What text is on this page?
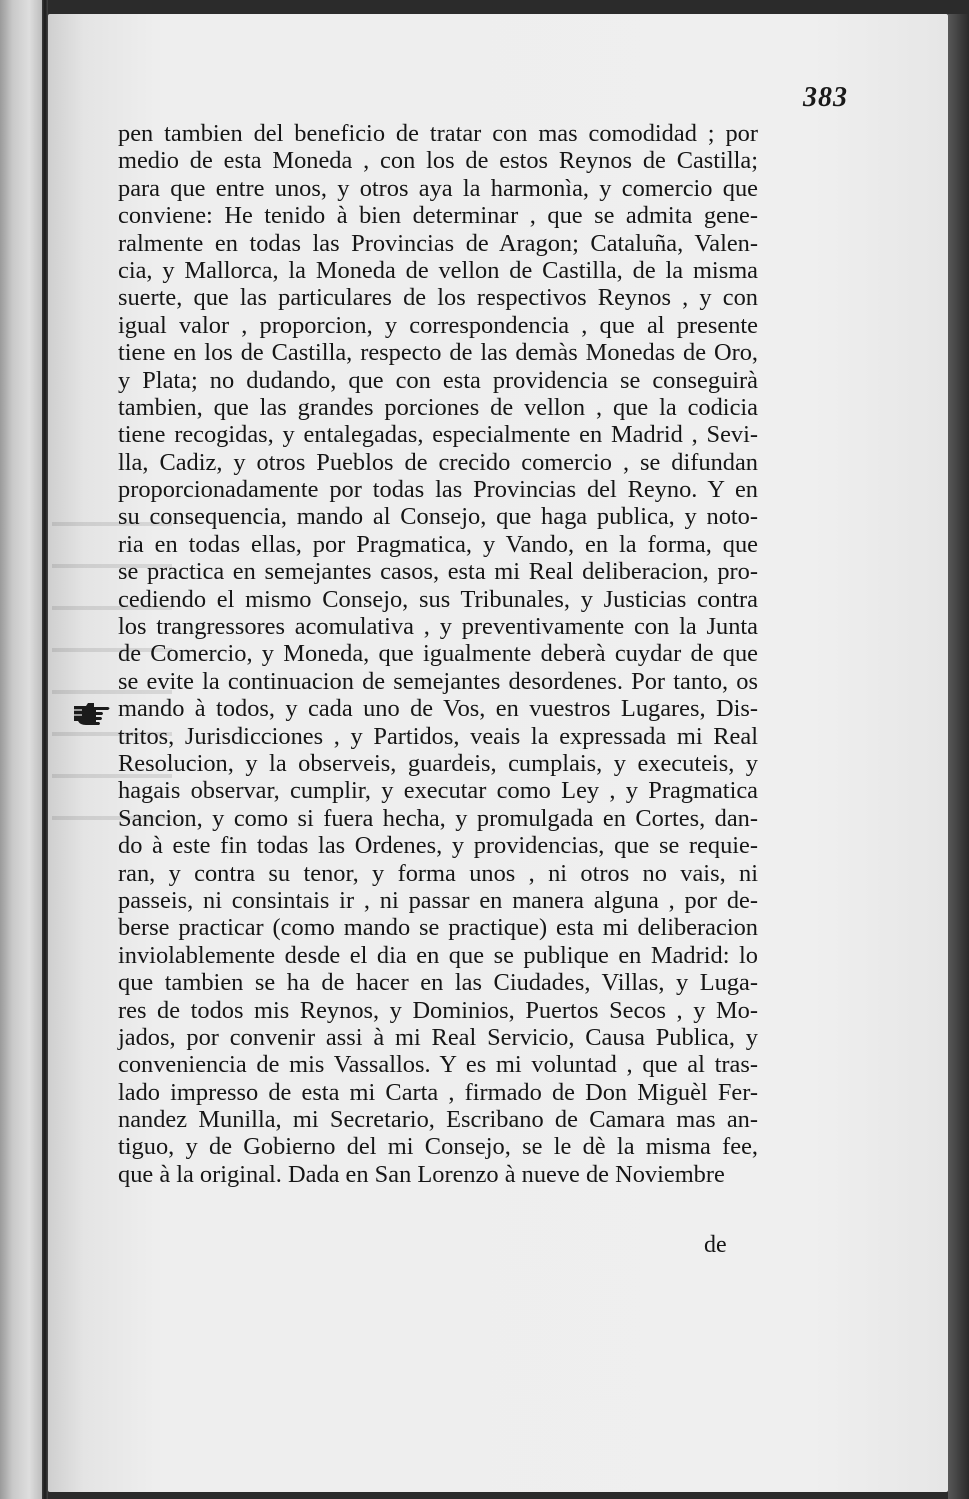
383
pen tambien del beneficio de tratar con mas comodidad ; por
medio de esta Moneda , con los de estos Reynos de Castilla;
para que entre unos, y otros aya la harmonìa, y comercio que
conviene: He tenido à bien determinar , que se admita gene-
ralmente en todas las Provincias de Aragon; Cataluña, Valen-
cia, y Mallorca, la Moneda de vellon de Castilla, de la misma
suerte, que las particulares de los respectivos Reynos , y con
igual valor , proporcion, y correspondencia , que al presente
tiene en los de Castilla, respecto de las demàs Monedas de Oro,
y Plata; no dudando, que con esta providencia se conseguirà
tambien, que las grandes porciones de vellon , que la codicia
tiene recogidas, y entalegadas, especialmente en Madrid , Sevi-
lla, Cadiz, y otros Pueblos de crecido comercio , se difundan
proporcionadamente por todas las Provincias del Reyno. Y en
su consequencia, mando al Consejo, que haga publica, y noto-
ria en todas ellas, por Pragmatica, y Vando, en la forma, que
se practica en semejantes casos, esta mi Real deliberacion, pro-
cediendo el mismo Consejo, sus Tribunales, y Justicias contra
los trangressores acomulativa , y preventivamente con la Junta
de Comercio, y Moneda, que igualmente deberà cuydar de que
se evite la continuacion de semejantes desordenes. Por tanto, os
mando à todos, y cada uno de Vos, en vuestros Lugares, Dis-
tritos, Jurisdicciones , y Partidos, veais la expressada mi Real
Resolucion, y la observeis, guardeis, cumplais, y executeis, y
hagais observar, cumplir, y executar como Ley , y Pragmatica
Sancion, y como si fuera hecha, y promulgada en Cortes, dan-
do à este fin todas las Ordenes, y providencias, que se requie-
ran, y contra su tenor, y forma unos , ni otros no vais, ni
passeis, ni consintais ir , ni passar en manera alguna , por de-
berse practicar (como mando se practique) esta mi deliberacion
inviolablemente desde el dia en que se publique en Madrid: lo
que tambien se ha de hacer en las Ciudades, Villas, y Luga-
res de todos mis Reynos, y Dominios, Puertos Secos , y Mo-
jados, por convenir assi à mi Real Servicio, Causa Publica, y
conveniencia de mis Vassallos. Y es mi voluntad , que al tras-
lado impresso de esta mi Carta , firmado de Don Miguèl Fer-
nandez Munilla, mi Secretario, Escribano de Camara mas an-
tiguo, y de Gobierno del mi Consejo, se le dè la misma fee,
que à la original. Dada en San Lorenzo à nueve de Noviembre
de
